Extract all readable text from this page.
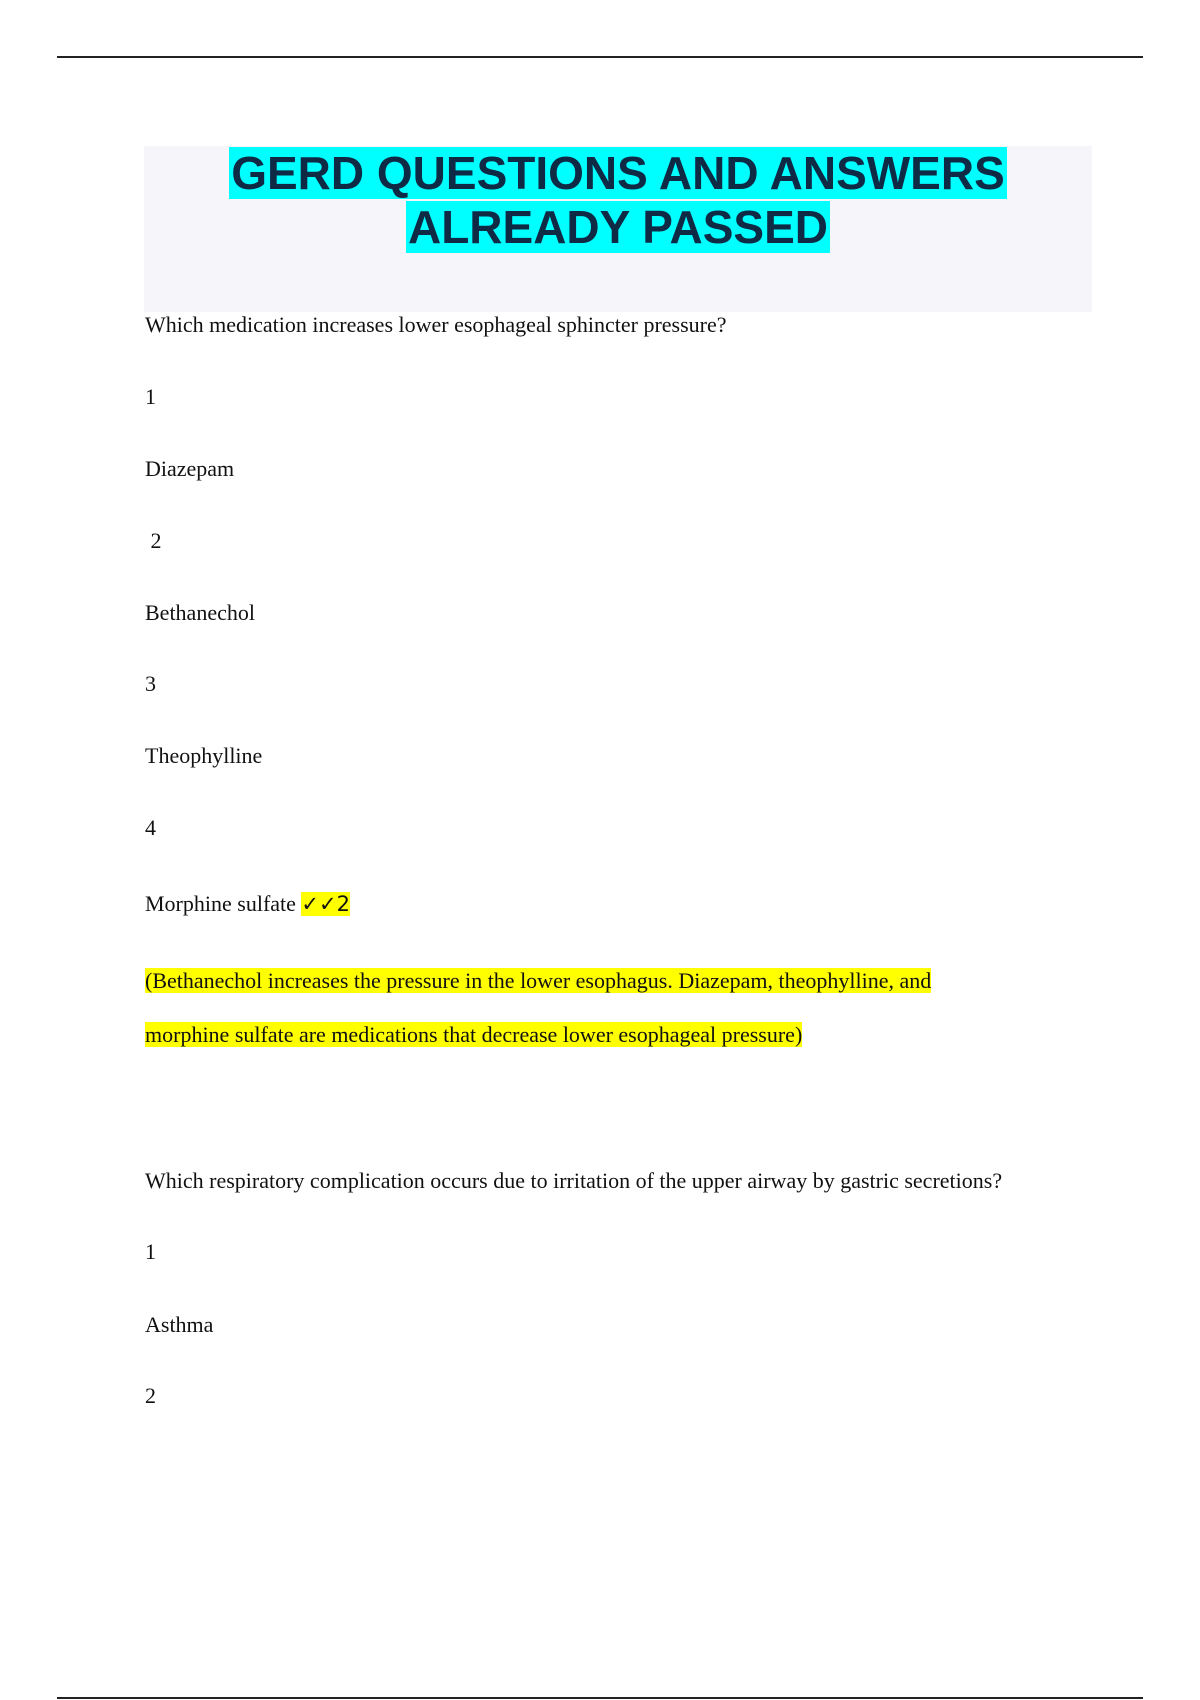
GERD QUESTIONS AND ANSWERS
ALREADY PASSED
Which medication increases lower esophageal sphincter pressure?
1
Diazepam
2
Bethanechol
3
Theophylline
4
Morphine sulfate ✓✓2
(Bethanechol increases the pressure in the lower esophagus. Diazepam, theophylline, and
morphine sulfate are medications that decrease lower esophageal pressure)
Which respiratory complication occurs due to irritation of the upper airway by gastric secretions?
1
Asthma
2
